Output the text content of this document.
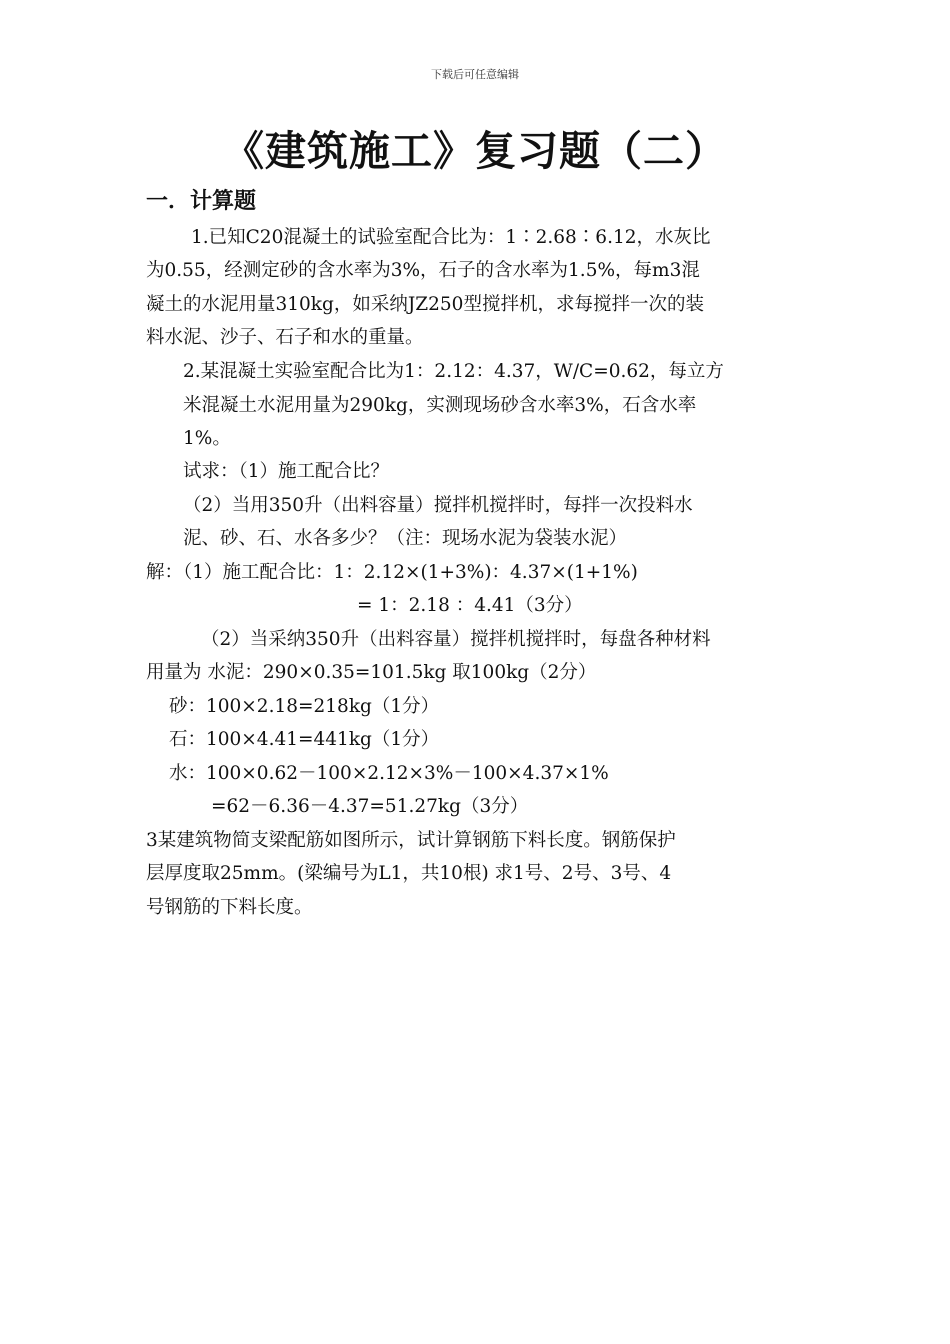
下载后可任意编辑
《建筑施工》复习题（二）
一．计算题
1.已知C20混凝土的试验室配合比为：1∶2.68∶6.12，水灰比
为0.55，经测定砂的含水率为3%，石子的含水率为1.5%，每m3混
凝土的水泥用量310kg，如采纳JZ250型搅拌机，求每搅拌一次的装
料水泥、沙子、石子和水的重量。
2.某混凝土实验室配合比为1：2.12：4.37，W/C=0.62，每立方
米混凝土水泥用量为290kg，实测现场砂含水率3%，石含水率
1%。
试求：（1）施工配合比？
（2）当用350升（出料容量）搅拌机搅拌时，每拌一次投料水
泥、砂、石、水各多少？（注：现场水泥为袋装水泥）
解：（1）施工配合比：1：2.12×(1+3%)：4.37×(1+1%)
= 1：2.18 ：4.41（3分）
（2）当采纳350升（出料容量）搅拌机搅拌时，每盘各种材料
用量为 水泥：290×0.35=101.5kg 取100kg（2分）
砂：100×2.18=218kg（1分）
石：100×4.41=441kg（1分）
水：100×0.62－100×2.12×3%－100×4.37×1%
=62－6.36－4.37=51.27kg（3分）
3某建筑物简支梁配筋如图所示，试计算钢筋下料长度。钢筋保护
层厚度取25mm。(梁编号为L1，共10根) 求1号、2号、3号、4
号钢筋的下料长度。
